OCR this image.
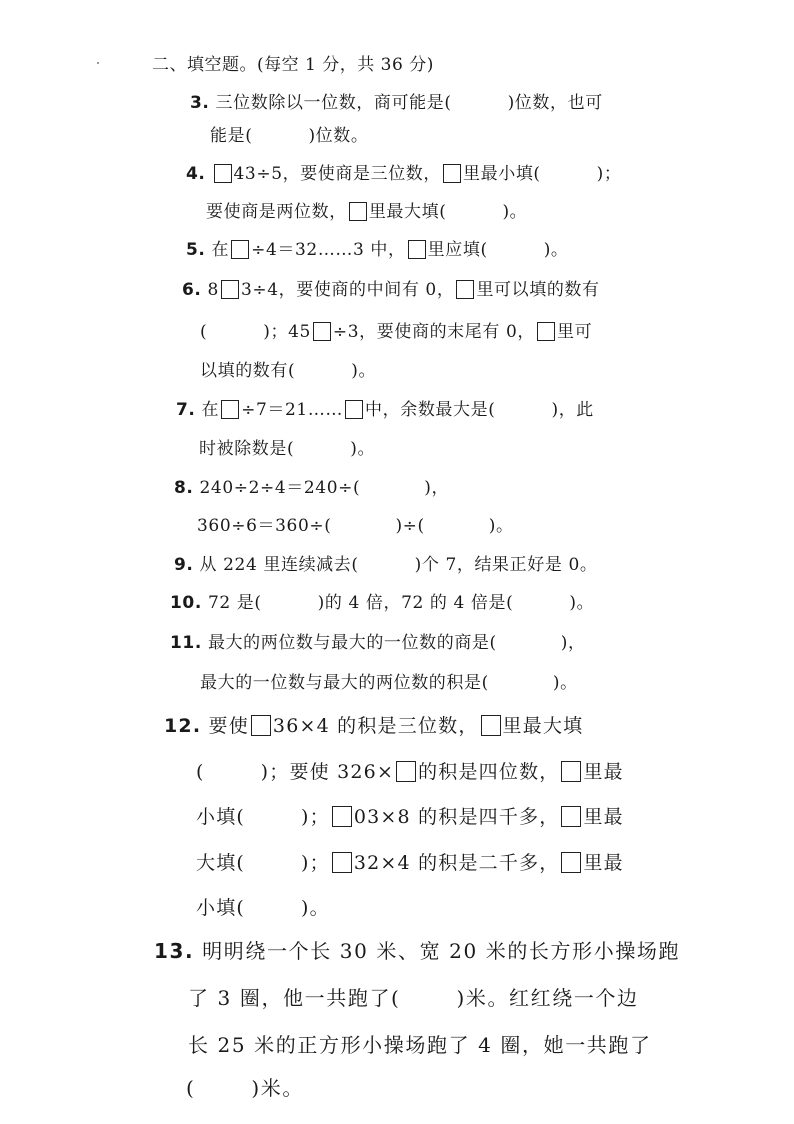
二、填空题。(每空 1 分，共 36 分)
3. 三位数除以一位数，商可能是(	)位数，也可
能是(	)位数。
4. 43÷5，要使商是三位数， 里最小填(	)；
要使商是两位数， 里最大填(	)。
5. 在 ÷4＝32……3 中， 里应填(	)。
6. 8 3÷4，要使商的中间有 0， 里可以填的数有
(	)；45 ÷3，要使商的末尾有 0， 里可
以填的数有(	)。
7. 在 ÷7＝21…… 中，余数最大是(	)，此
时被除数是(	)。
8. 240÷2÷4＝240÷(	)，
360÷6＝360÷(	)÷(	)。
9. 从 224 里连续减去(	)个 7，结果正好是 0。
10. 72 是(	)的 4 倍，72 的 4 倍是(	)。
11. 最大的两位数与最大的一位数的商是(	)，
最大的一位数与最大的两位数的积是(	)。
12. 要使 36×4 的积是三位数， 里最大填
(	)；要使 326× 的积是四位数， 里最
小填(	)； 03×8 的积是四千多， 里最
大填(	)； 32×4 的积是二千多， 里最
小填(	)。
13. 明明绕一个长 30 米、宽 20 米的长方形小操场跑
了 3 圈，他一共跑了(	)米。红红绕一个边
长 25 米的正方形小操场跑了 4 圈，她一共跑了
(	)米。
